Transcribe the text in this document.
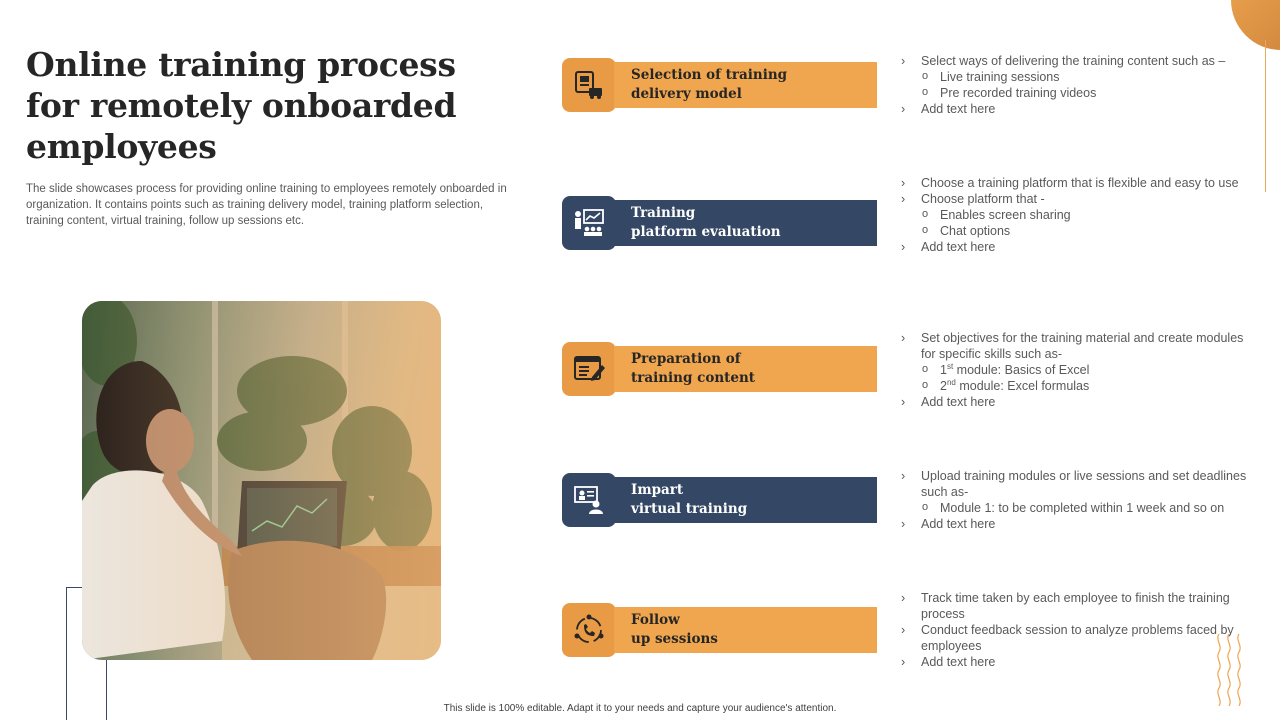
Online training process for remotely onboarded employees

The slide showcases process for providing online training to employees remotely onboarded in organization. It contains points such as training delivery model, training platform selection, training content, virtual training, follow up sessions etc.

Selection of training
delivery model
› Select ways of delivering the training content such as –
o Live training sessions
o Pre recorded training videos
› Add text here
Training
platform evaluation
› Choose a training platform that is flexible and easy to use
› Choose platform that -
o Enables screen sharing
o Chat options
› Add text here
Preparation of
training content
› Set objectives for the training material and create modules for specific skills such as-
o 1st module: Basics of Excel
o 2nd module: Excel formulas
› Add text here
Impart
virtual training
› Upload training modules or live sessions and set deadlines such as-
o Module 1: to be completed within 1 week and so on
› Add text here
Follow
up sessions
› Track time taken by each employee to finish the training process
› Conduct feedback session to analyze problems faced by employees
› Add text here
This slide is 100% editable. Adapt it to your needs and capture your audience's attention.
